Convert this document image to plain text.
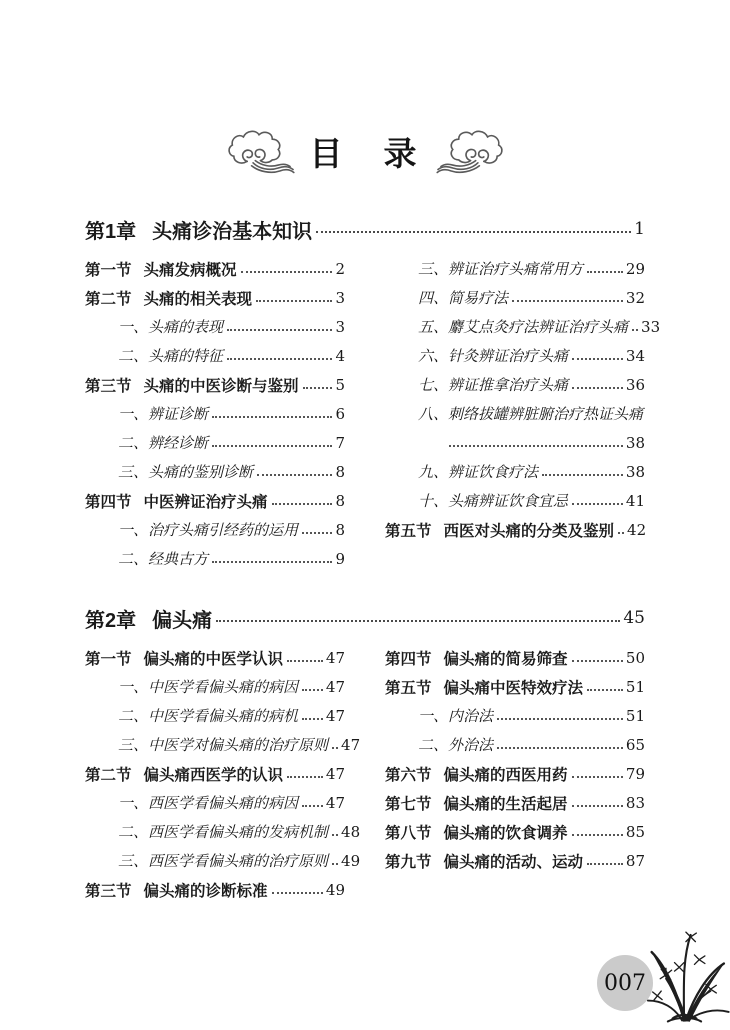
目　录
第1章 头痛诊治基本知识	1
第一节 头痛发病概况	2
第二节 头痛的相关表现	3
一、 头痛的表现	3
二、 头痛的特征	4
第三节 头痛的中医诊断与鉴别 5
一、 辨证诊断	6
二、 辨经诊断	7
三、 头痛的鉴别诊断	8
第四节 中医辨证治疗头痛	8
一、 治疗头痛引经药的运用 8
二、 经典古方	9
三、 辨证治疗头痛常用方	29
四、 简易疗法	32
五、 麝艾点灸疗法辨证治疗头痛 33
六、 针灸辨证治疗头痛	34
七、 辨证推拿治疗头痛	36
八、 刺络拔罐辨脏腑治疗热证头痛
38
九、 辨证饮食疗法	38
十、 头痛辨证饮食宜忌	41
第五节 西医对头痛的分类及鉴别 42
第2章 偏头痛	45
第一节 偏头痛的中医学认识	47
一、 中医学看偏头痛的病因 47
二、 中医学看偏头痛的病机 47
三、 中医学对偏头痛的治疗原则 47
第二节 偏头痛西医学的认识	47
一、 西医学看偏头痛的病因 47
二、 西医学看偏头痛的发病机制 48
三、 西医学看偏头痛的治疗原则 49
第三节 偏头痛的诊断标准	49
第四节 偏头痛的简易筛查	50
第五节 偏头痛中医特效疗法	51
一、 内治法	51
二、 外治法	65
第六节 偏头痛的西医用药	79
第七节 偏头痛的生活起居	83
第八节 偏头痛的饮食调养	85
第九节 偏头痛的活动、运动	87
007
